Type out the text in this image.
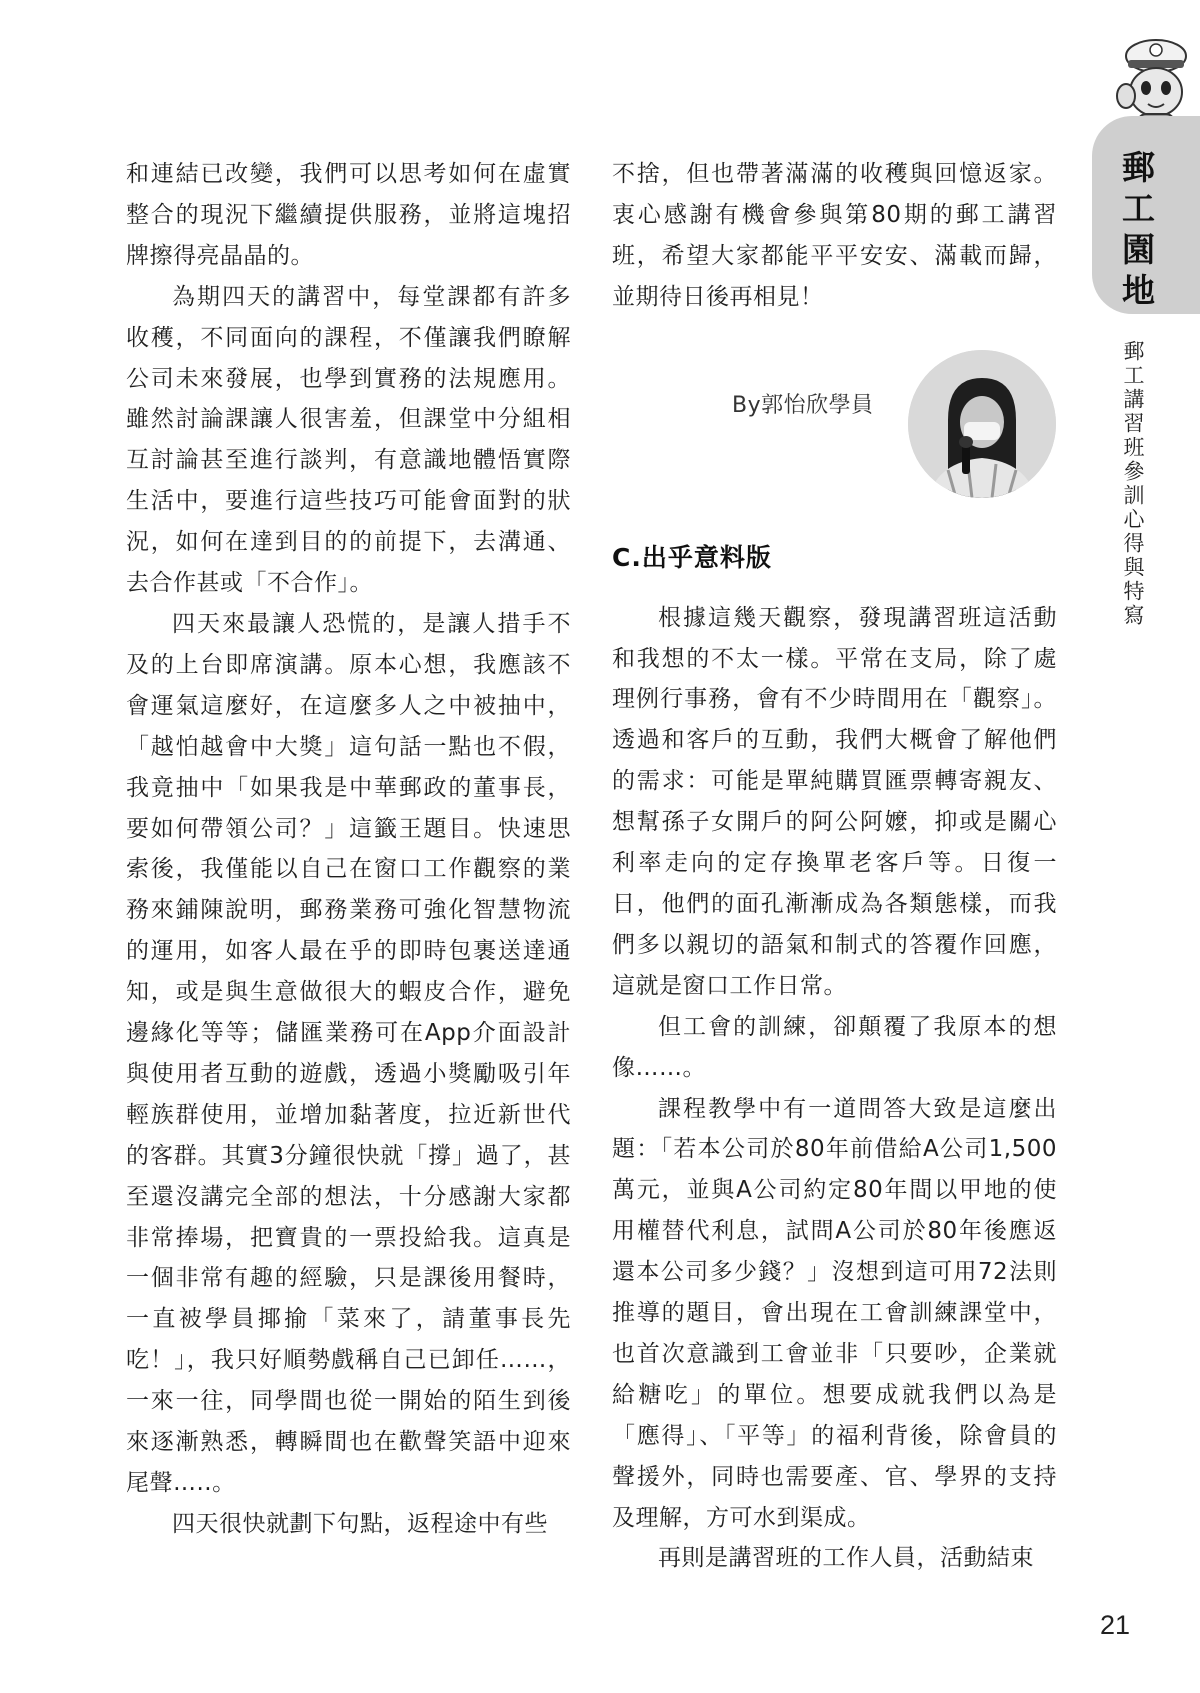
郵工園地
郵工講習班參訓心得與特寫

和連結已改變，我們可以思考如何在虛實整合的現況下繼續提供服務，並將這塊招牌擦得亮晶晶的。

為期四天的講習中，每堂課都有許多收穫，不同面向的課程，不僅讓我們瞭解公司未來發展，也學到實務的法規應用。雖然討論課讓人很害羞，但課堂中分組相互討論甚至進行談判，有意識地體悟實際生活中，要進行這些技巧可能會面對的狀況，如何在達到目的的前提下，去溝通、去合作甚或「不合作」。

四天來最讓人恐慌的，是讓人措手不及的上台即席演講。原本心想，我應該不會運氣這麼好，在這麼多人之中被抽中，「越怕越會中大獎」這句話一點也不假，我竟抽中「如果我是中華郵政的董事長，要如何帶領公司？」這籤王題目。快速思索後，我僅能以自己在窗口工作觀察的業務來鋪陳說明，郵務業務可強化智慧物流的運用，如客人最在乎的即時包裹送達通知，或是與生意做很大的蝦皮合作，避免邊緣化等等；儲匯業務可在App介面設計與使用者互動的遊戲，透過小獎勵吸引年輕族群使用，並增加黏著度，拉近新世代的客群。其實3分鐘很快就「撐」過了，甚至還沒講完全部的想法，十分感謝大家都非常捧場，把寶貴的一票投給我。這真是一個非常有趣的經驗，只是課後用餐時，一直被學員揶揄「菜來了，請董事長先吃！」，我只好順勢戲稱自己已卸任……，一來一往，同學間也從一開始的陌生到後來逐漸熟悉，轉瞬間也在歡聲笑語中迎來尾聲…..。

四天很快就劃下句點，返程途中有些

不捨，但也帶著滿滿的收穫與回憶返家。衷心感謝有機會參與第80期的郵工講習班，希望大家都能平平安安、滿載而歸，並期待日後再相見！

By郭怡欣學員
C.出乎意料版

根據這幾天觀察，發現講習班這活動和我想的不太一樣。平常在支局，除了處理例行事務，會有不少時間用在「觀察」。透過和客戶的互動，我們大概會了解他們的需求：可能是單純購買匯票轉寄親友、想幫孫子女開戶的阿公阿嬤，抑或是關心利率走向的定存換單老客戶等。日復一日，他們的面孔漸漸成為各類態樣，而我們多以親切的語氣和制式的答覆作回應，這就是窗口工作日常。

但工會的訓練，卻顛覆了我原本的想像……。

課程教學中有一道問答大致是這麼出題：「若本公司於80年前借給A公司1,500萬元，並與A公司約定80年間以甲地的使用權替代利息，試問A公司於80年後應返還本公司多少錢？」沒想到這可用72法則推導的題目，會出現在工會訓練課堂中，也首次意識到工會並非「只要吵，企業就給糖吃」的單位。想要成就我們以為是「應得」、「平等」的福利背後，除會員的聲援外，同時也需要產、官、學界的支持及理解，方可水到渠成。

再則是講習班的工作人員，活動結束

21
